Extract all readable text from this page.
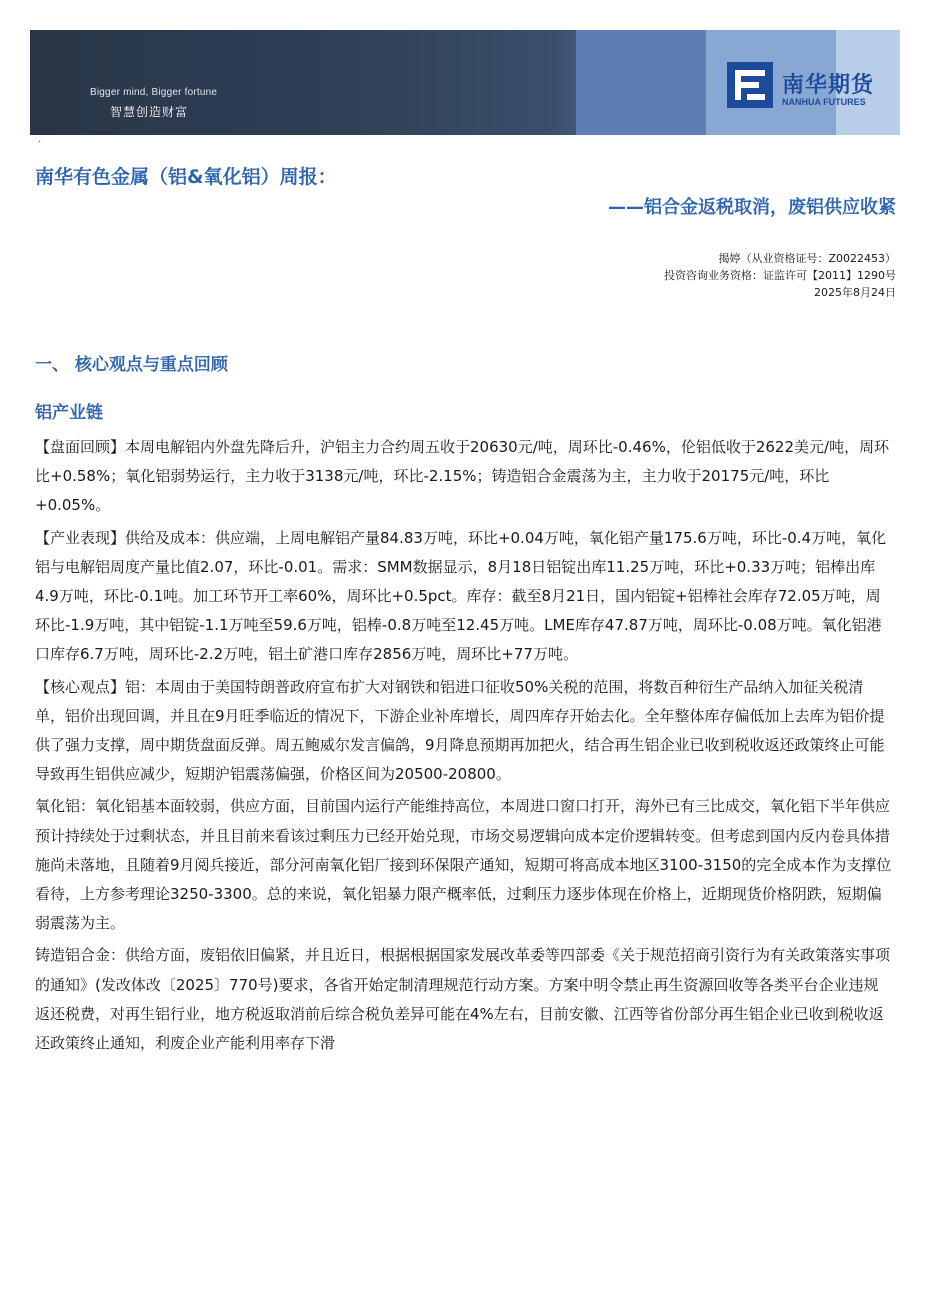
Bigger mind, Bigger fortune
智慧创造财富
南华期货
NANHUA FUTURES
·
南华有色金属（铝&氧化铝）周报：
——铝合金返税取消，废铝供应收紧
揭婷（从业资格证号：Z0022453）
投资咨询业务资格：证监许可【2011】1290号
2025年8月24日
一、 核心观点与重点回顾
铝产业链

【盘面回顾】本周电解铝内外盘先降后升，沪铝主力合约周五收于20630元/吨，周环比-0.46%，伦铝低收于2622美元/吨，周环比+0.58%；氧化铝弱势运行，主力收于3138元/吨，环比-2.15%；铸造铝合金震荡为主，主力收于20175元/吨，环比+0.05%。

【产业表现】供给及成本：供应端，上周电解铝产量84.83万吨，环比+0.04万吨，氧化铝产量175.6万吨，环比-0.4万吨，氧化铝与电解铝周度产量比值2.07，环比-0.01。需求：SMM数据显示，8月18日铝锭出库11.25万吨，环比+0.33万吨；铝棒出库4.9万吨，环比-0.1吨。加工环节开工率60%，周环比+0.5pct。库存：截至8月21日，国内铝锭+铝棒社会库存72.05万吨，周环比-1.9万吨，其中铝锭-1.1万吨至59.6万吨，铝棒-0.8万吨至12.45万吨。LME库存47.87万吨，周环比-0.08万吨。氧化铝港口库存6.7万吨，周环比-2.2万吨，铝土矿港口库存2856万吨，周环比+77万吨。

【核心观点】铝：本周由于美国特朗普政府宣布扩大对钢铁和铝进口征收50%关税的范围，将数百种衍生产品纳入加征关税清单，铝价出现回调，并且在9月旺季临近的情况下，下游企业补库增长，周四库存开始去化。全年整体库存偏低加上去库为铝价提供了强力支撑，周中期货盘面反弹。周五鲍威尔发言偏鸽，9月降息预期再加把火，结合再生铝企业已收到税收返还政策终止可能导致再生铝供应减少，短期沪铝震荡偏强，价格区间为20500-20800。

氧化铝：氧化铝基本面较弱，供应方面，目前国内运行产能维持高位，本周进口窗口打开，海外已有三比成交，氧化铝下半年供应预计持续处于过剩状态，并且目前来看该过剩压力已经开始兑现，市场交易逻辑向成本定价逻辑转变。但考虑到国内反内卷具体措施尚未落地，且随着9月阅兵接近，部分河南氧化铝厂接到环保限产通知，短期可将高成本地区3100-3150的完全成本作为支撑位看待，上方参考理论3250-3300。总的来说，氧化铝暴力限产概率低，过剩压力逐步体现在价格上，近期现货价格阴跌，短期偏弱震荡为主。

铸造铝合金：供给方面，废铝依旧偏紧，并且近日，根据根据国家发展改革委等四部委《关于规范招商引资行为有关政策落实事项的通知》(发改体改〔2025〕770号)要求，各省开始定制清理规范行动方案。方案中明令禁止再生资源回收等各类平台企业违规返还税费，对再生铝行业，地方税返取消前后综合税负差异可能在4%左右，目前安徽、江西等省份部分再生铝企业已收到税收返还政策终止通知，利废企业产能利用率存下滑
